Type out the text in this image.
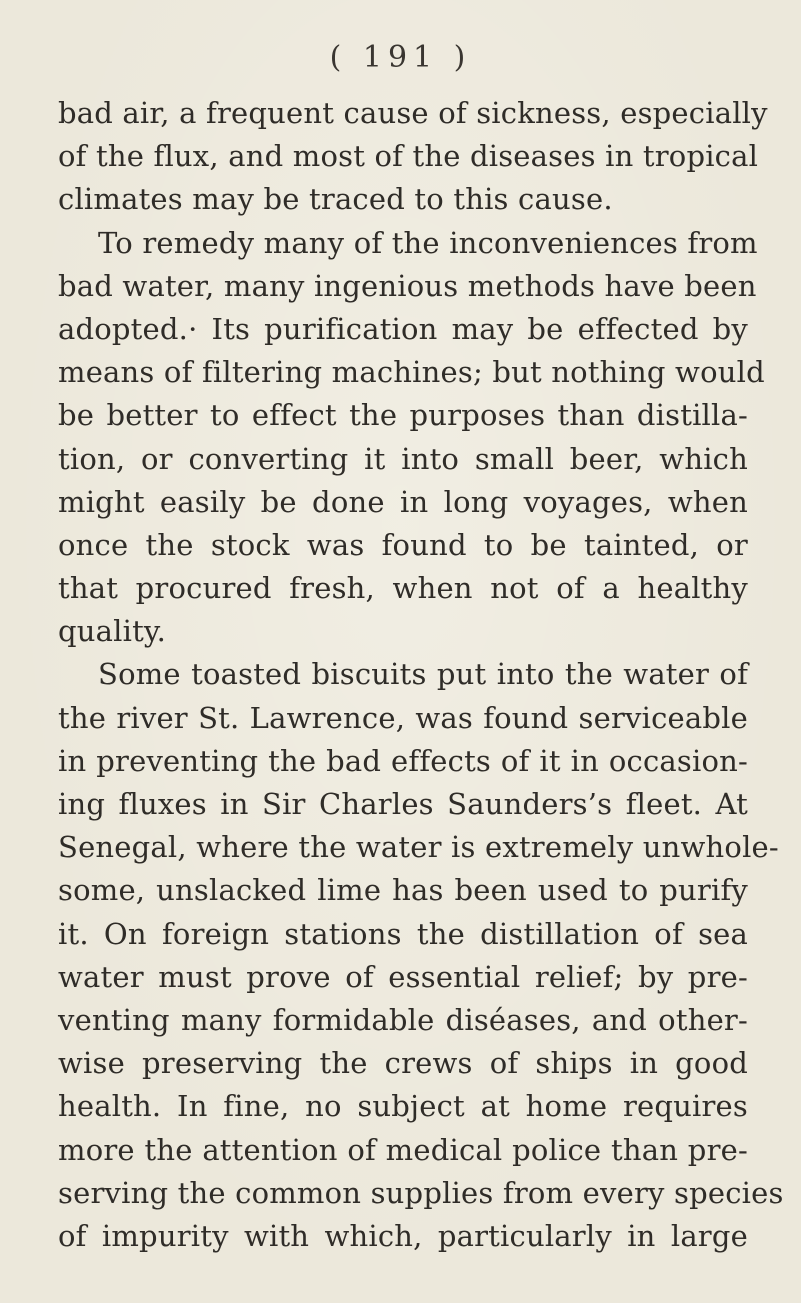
( 191 )
bad air, a frequent cause of sickness, especially
of the flux, and most of the diseases in tropical
climates may be traced to this cause.
To remedy many of the inconveniences from
bad water, many ingenious methods have been
adopted.· Its purification may be effected by
means of filtering machines; but nothing would
be better to effect the purposes than distilla-
tion, or converting it into small beer, which
might easily be done in long voyages, when
once the stock was found to be tainted, or
that procured fresh, when not of a healthy
quality.
Some toasted biscuits put into the water of
the river St. Lawrence, was found serviceable
in preventing the bad effects of it in occasion-
ing fluxes in Sir Charles Saunders’s fleet. At
Senegal, where the water is extremely unwhole-
some, unslacked lime has been used to purify
it. On foreign stations the distillation of sea
water must prove of essential relief; by pre-
venting many formidable diséases, and other-
wise preserving the crews of ships in good
health. In fine, no subject at home requires
more the attention of medical police than pre-
serving the common supplies from every species
of impurity with which, particularly in large
